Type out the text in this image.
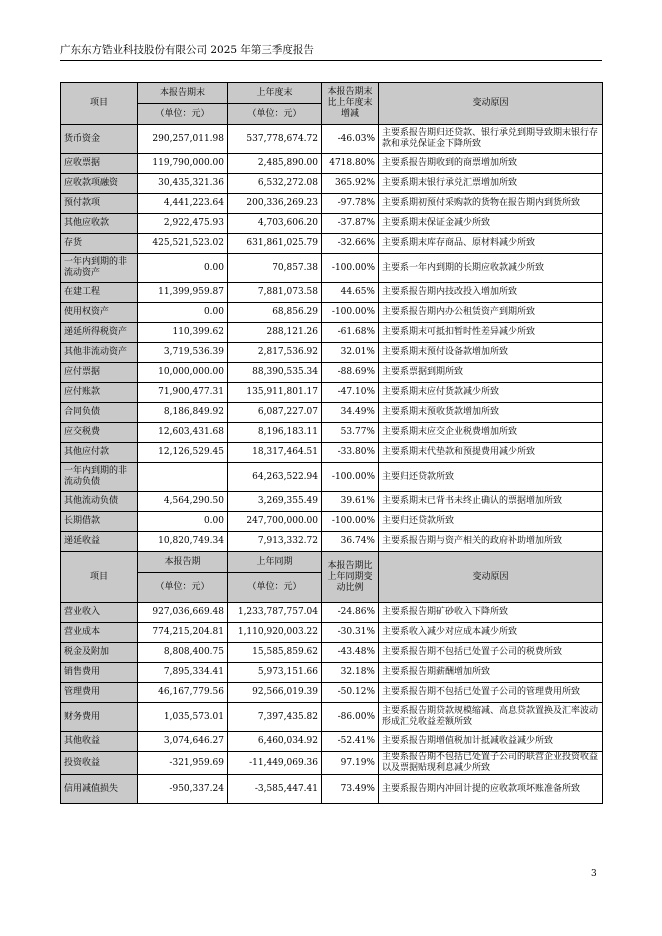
广东东方锆业科技股份有限公司 2025 年第三季度报告
项目	本报告期末	上年度末	本报告期末比上年度末增减	变动原因
	（单位：元）	（单位：元）		
货币资金	290,257,011.98	537,778,674.72	-46.03%	主要系报告期归还贷款、银行承兑到期导致期末银行存款和承兑保证金下降所致
应收票据	119,790,000.00	2,485,890.00	4718.80%	主要系报告期收到的商票增加所致
应收款项融资	30,435,321.36	6,532,272.08	365.92%	主要系期末银行承兑汇票增加所致
预付款项	4,441,223.64	200,336,269.23	-97.78%	主要系期初预付采购款的货物在报告期内到货所致
其他应收款	2,922,475.93	4,703,606.20	-37.87%	主要系期末保证金减少所致
存货	425,521,523.02	631,861,025.79	-32.66%	主要系期末库存商品、原材料减少所致
一年内到期的非流动资产	0.00	70,857.38	-100.00%	主要系一年内到期的长期应收款减少所致
在建工程	11,399,959.87	7,881,073.58	44.65%	主要系报告期内技改投入增加所致
使用权资产	0.00	68,856.29	-100.00%	主要系报告期内办公租赁资产到期所致
递延所得税资产	110,399.62	288,121.26	-61.68%	主要系期末可抵扣暂时性差异减少所致
其他非流动资产	3,719,536.39	2,817,536.92	32.01%	主要系期末预付设备款增加所致
应付票据	10,000,000.00	88,390,535.34	-88.69%	主要系票据到期所致
应付账款	71,900,477.31	135,911,801.17	-47.10%	主要系期末应付货款减少所致
合同负债	8,186,849.92	6,087,227.07	34.49%	主要系期末预收货款增加所致
应交税费	12,603,431.68	8,196,183.11	53.77%	主要系期末应交企业税费增加所致
其他应付款	12,126,529.45	18,317,464.51	-33.80%	主要系期末代垫款和预提费用减少所致
一年内到期的非流动负债		64,263,522.94	-100.00%	主要归还贷款所致
其他流动负债	4,564,290.50	3,269,355.49	39.61%	主要系期末已背书未终止确认的票据增加所致
长期借款	0.00	247,700,000.00	-100.00%	主要归还贷款所致
递延收益	10,820,749.34	7,913,332.72	36.74%	主要系报告期与资产相关的政府补助增加所致
项目	本报告期	上年同期	本报告期比上年同期变动比例	变动原因
	（单位：元）	（单位：元）		
营业收入	927,036,669.48	1,233,787,757.04	-24.86%	主要系报告期矿砂收入下降所致
营业成本	774,215,204.81	1,110,920,003.22	-30.31%	主要系收入减少对应成本减少所致
税金及附加	8,808,400.75	15,585,859.62	-43.48%	主要系报告期不包括已处置子公司的税费所致
销售费用	7,895,334.41	5,973,151.66	32.18%	主要系报告期薪酬增加所致
管理费用	46,167,779.56	92,566,019.39	-50.12%	主要系报告期不包括已处置子公司的管理费用所致
财务费用	1,035,573.01	7,397,435.82	-86.00%	主要系报告期贷款规模缩减、高息贷款置换及汇率波动形成汇兑收益差额所致
其他收益	3,074,646.27	6,460,034.92	-52.41%	主要系报告期增值税加计抵减收益减少所致
投资收益	-321,959.69	-11,449,069.36	97.19%	主要系报告期不包括已处置子公司的联营企业投资收益以及票据贴现利息减少所致
信用减值损失	-950,337.24	-3,585,447.41	73.49%	主要系报告期内冲回计提的应收款项坏账准备所致
3
